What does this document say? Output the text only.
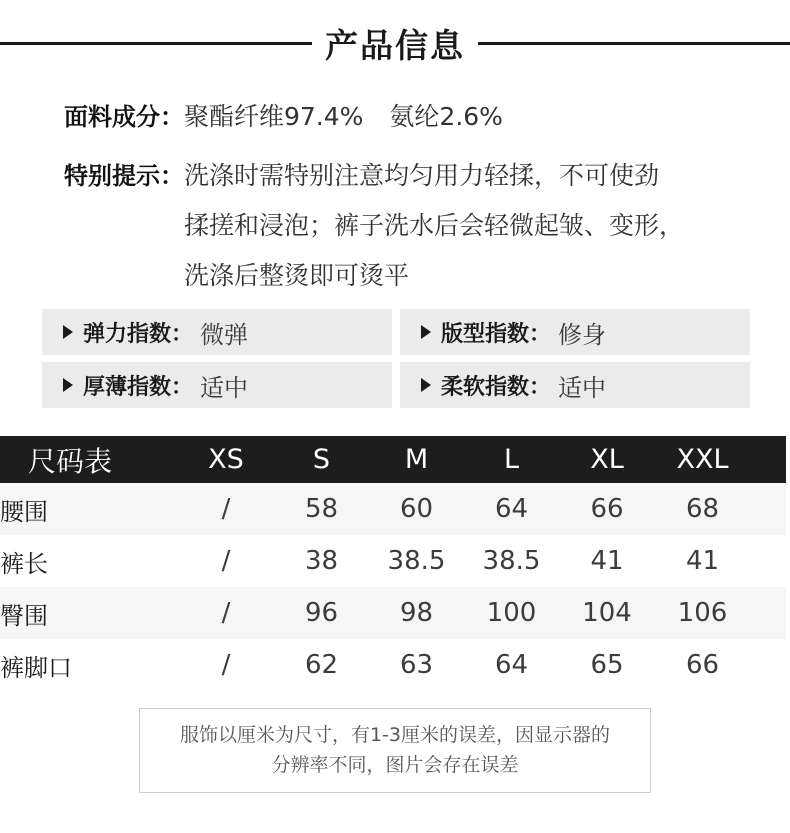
产品信息
面料成分：聚酯纤维97.4% 氨纶2.6%
特别提示： 洗涤时需特别注意均匀用力轻揉，不可使劲
揉搓和浸泡；裤子洗水后会轻微起皱、变形，
洗涤后整烫即可烫平
弹力指数： 微弹	版型指数： 修身
厚薄指数： 适中	柔软指数： 适中
尺码表	XS	S	M	L	XL	XXL	
腰围	/	58	60	64	66	68	
裤长	/	38	38.5	38.5	41	41	
臀围	/	96	98	100	104	106	
裤脚口	/	62	63	64	65	66	
服饰以厘米为尺寸，有1-3厘米的误差，因显示器的
分辨率不同，图片会存在误差
